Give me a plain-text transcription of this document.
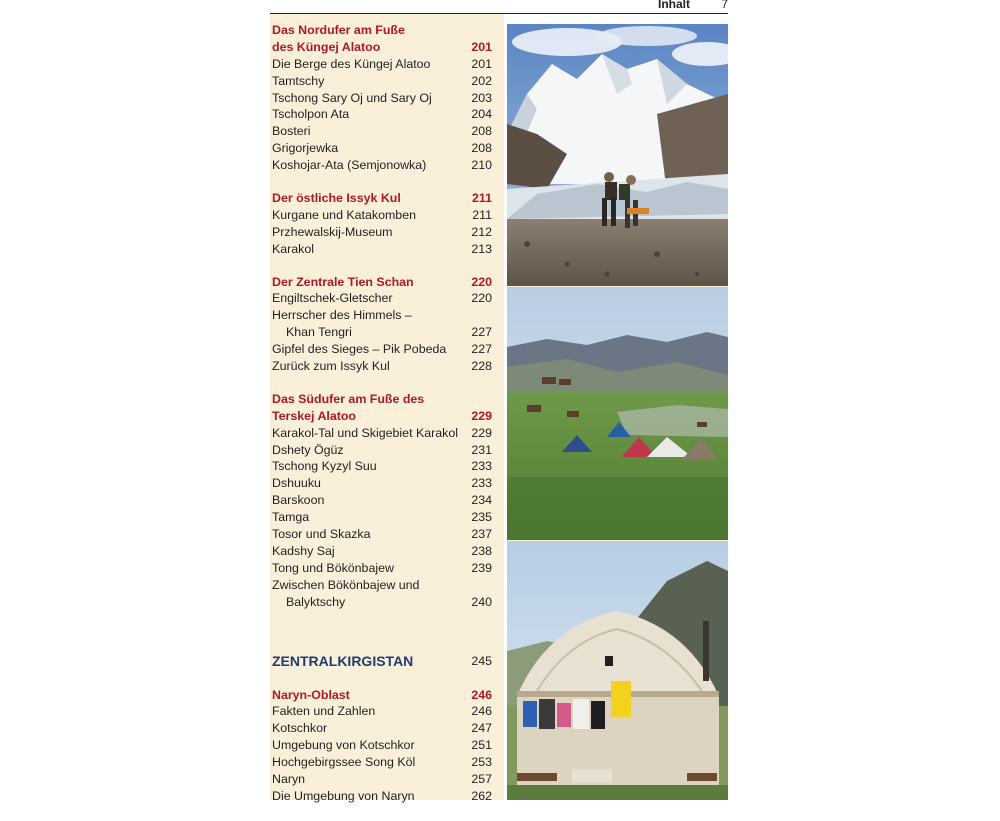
Inhalt	7
Das Nordufer am Fuße
des Küngej Alatoo	201
Die Berge des Küngej Alatoo	201
Tamtschy	202
Tschong Sary Oj und Sary Oj	203
Tscholpon Ata	204
Bosteri	208
Grigorjewka	208
Koshojar-Ata (Semjonowka)	210
Der östliche Issyk Kul	211
Kurgane und Katakomben	211
Przhewalskij-Museum	212
Karakol	213
Der Zentrale Tien Schan	220
Engiltschek-Gletscher	220
Herrscher des Himmels –
Khan Tengri	227
Gipfel des Sieges – Pik Pobeda 227
Zurück zum Issyk Kul	228
Das Südufer am Fuße des
Terskej Alatoo	229
Karakol-Tal und Skigebiet Karakol 229
Dshety Ögüz	231
Tschong Kyzyl Suu	233
Dshuuku	233
Barskoon	234
Tamga	235
Tosor und Skazka	237
Kadshy Saj	238
Tong und Bökönbajew	239
Zwischen Bökönbajew und
Balyktschy	240
ZENTRALKIRGISTAN	245
Naryn-Oblast	246
Fakten und Zahlen	246
Kotschkor	247
Umgebung von Kotschkor	251
Hochgebirgssee Song Köl	253
Naryn	257
Die Umgebung von Naryn	262
